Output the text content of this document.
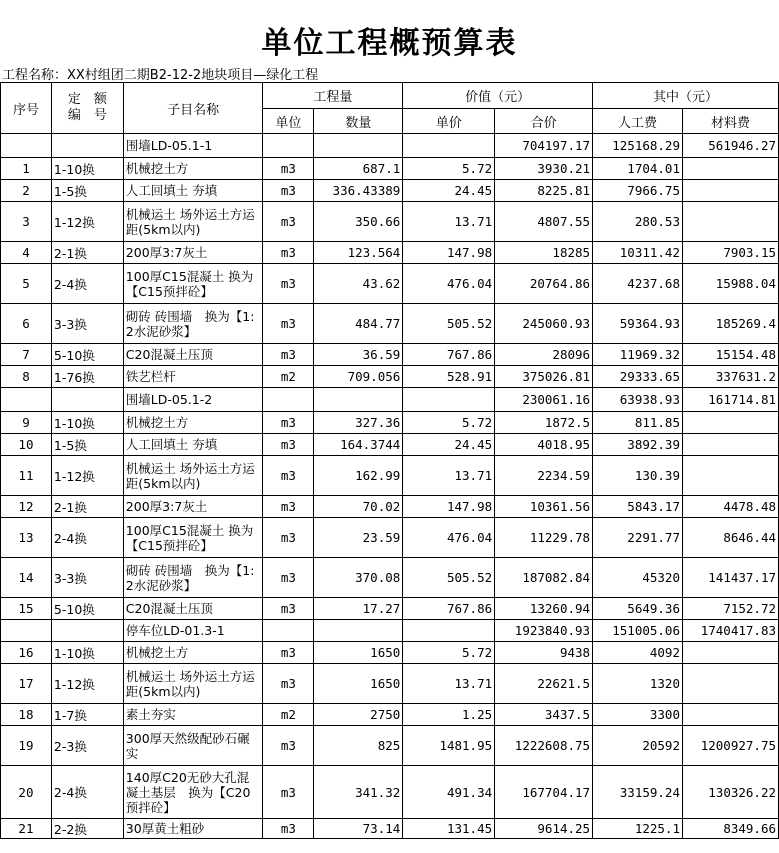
单位工程概预算表
工程名称：XX村组团二期B2-12-2地块项目—绿化工程
序号	定　额
编　号	子目名称	工程量		价值（元）		其中（元）	
			单位	数量	单价	合价	人工费	材料费
		围墙LD-05.1-1				704197.17	125168.29	561946.27
1	1-10换	机械挖土方	m3	687.1	5.72	3930.21	1704.01	
2	1-5换	人工回填土 夯填	m3	336.43389	24.45	8225.81	7966.75	
3	1-12换	机械运土 场外运土方运距(5km以内)	m3	350.66	13.71	4807.55	280.53	
4	2-1换	200厚3:7灰土	m3	123.564	147.98	18285	10311.42	7903.15
5	2-4换	100厚C15混凝土 换为【C15预拌砼】	m3	43.62	476.04	20764.86	4237.68	15988.04
6	3-3换	砌砖 砖围墙　换为【1:2水泥砂浆】	m3	484.77	505.52	245060.93	59364.93	185269.4
7	5-10换	C20混凝土压顶	m3	36.59	767.86	28096	11969.32	15154.48
8	1-76换	铁艺栏杆	m2	709.056	528.91	375026.81	29333.65	337631.2
		围墙LD-05.1-2				230061.16	63938.93	161714.81
9	1-10换	机械挖土方	m3	327.36	5.72	1872.5	811.85	
10	1-5换	人工回填土 夯填	m3	164.3744	24.45	4018.95	3892.39	
11	1-12换	机械运土 场外运土方运距(5km以内)	m3	162.99	13.71	2234.59	130.39	
12	2-1换	200厚3:7灰土	m3	70.02	147.98	10361.56	5843.17	4478.48
13	2-4换	100厚C15混凝土 换为【C15预拌砼】	m3	23.59	476.04	11229.78	2291.77	8646.44
14	3-3换	砌砖 砖围墙　换为【1:2水泥砂浆】	m3	370.08	505.52	187082.84	45320	141437.17
15	5-10换	C20混凝土压顶	m3	17.27	767.86	13260.94	5649.36	7152.72
		停车位LD-01.3-1				1923840.93	151005.06	1740417.83
16	1-10换	机械挖土方	m3	1650	5.72	9438	4092	
17	1-12换	机械运土 场外运土方运距(5km以内)	m3	1650	13.71	22621.5	1320	
18	1-7换	素土夯实	m2	2750	1.25	3437.5	3300	
19	2-3换	300厚天然级配砂石碾实	m3	825	1481.95	1222608.75	20592	1200927.75
20	2-4换	140厚C20无砂大孔混凝土基层　换为【C20预拌砼】	m3	341.32	491.34	167704.17	33159.24	130326.22
21	2-2换	30厚黄土粗砂	m3	73.14	131.45	9614.25	1225.1	8349.66
